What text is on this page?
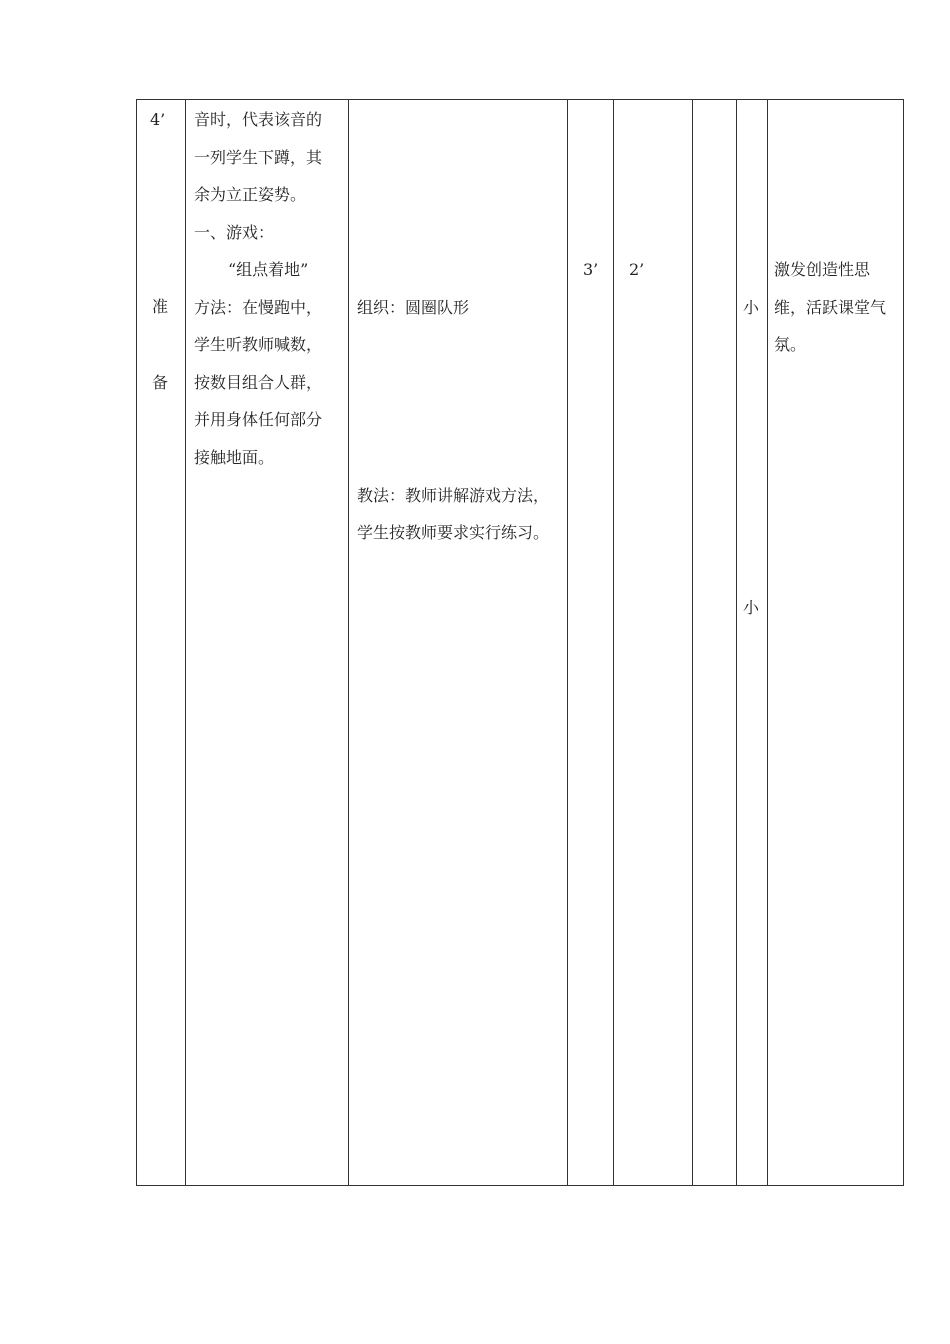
4’
准
备
音时，代表该音的
一列学生下蹲，其
余为立正姿势。
一、游戏：
“组点着地”
方法：在慢跑中，
学生听教师喊数，
按数目组合人群，
并用身体任何部分
接触地面。
组织：圆圈队形
教法：教师讲解游戏方法，
学生按教师要求实行练习。
3’ 2’
小
小
激发创造性思
维，活跃课堂气
氛。
